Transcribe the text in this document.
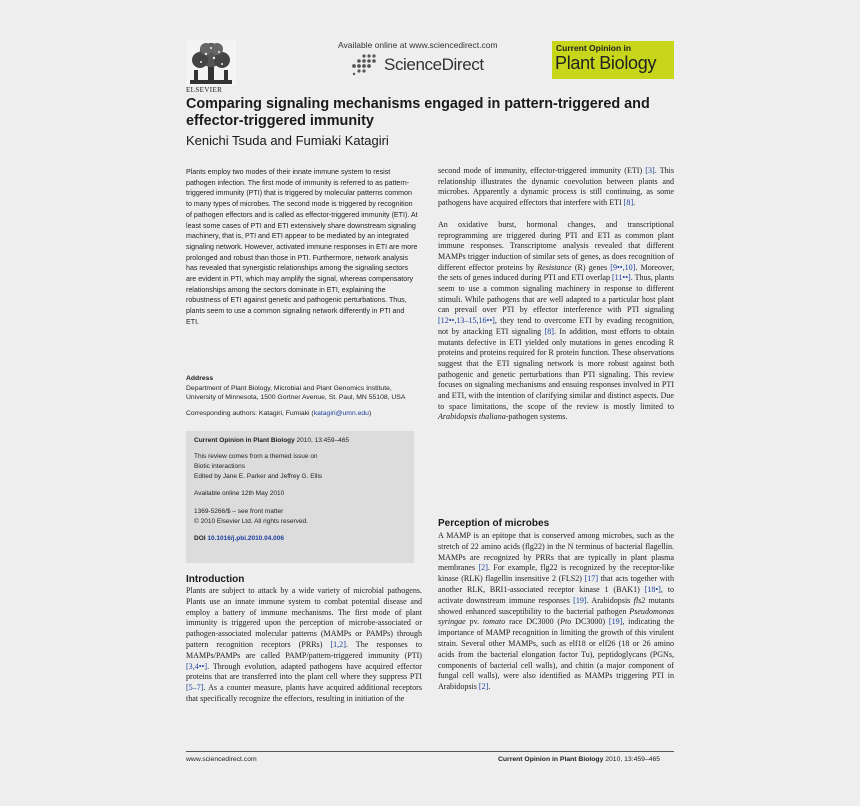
ELSEVIER
Available online at www.sciencedirect.com
ScienceDirect
Current Opinion in
Plant Biology
Comparing signaling mechanisms engaged in pattern-triggered and effector-triggered immunity
Kenichi Tsuda and Fumiaki Katagiri
Plants employ two modes of their innate immune system to resist pathogen infection. The first mode of immunity is referred to as pattern-triggered immunity (PTI) that is triggered by molecular patterns common to many types of microbes. The second mode is triggered by recognition of pathogen effectors and is called as effector-triggered immunity (ETI). At least some cases of PTI and ETI extensively share downstream signaling machinery, that is, PTI and ETI appear to be mediated by an integrated signaling network. However, activated immune responses in ETI are more prolonged and robust than those in PTI. Furthermore, network analysis has revealed that synergistic relationships among the signaling sectors are evident in PTI, which may amplify the signal, whereas compensatory relationships among the sectors dominate in ETI, explaining the robustness of ETI against genetic and pathogenic perturbations. Thus, plants seem to use a common signaling network differently in PTI and ETI.
Address
Department of Plant Biology, Microbial and Plant Genomics Institute, University of Minnesota, 1500 Gortner Avenue, St. Paul, MN 55108, USA
Corresponding authors: Katagiri, Fumiaki (katagiri@umn.edu)
Current Opinion in Plant Biology 2010, 13:459–465
This review comes from a themed issue on
Biotic interactions
Edited by Jane E. Parker and Jeffrey G. Ellis
Available online 12th May 2010
1369-5266/$ – see front matter
© 2010 Elsevier Ltd. All rights reserved.
DOI 10.1016/j.pbi.2010.04.006
Introduction
Plants are subject to attack by a wide variety of microbial pathogens. Plants use an innate immune system to combat potential disease and employ a battery of immune mechanisms. The first mode of plant immunity is triggered upon the perception of microbe-associated or pathogen-associated molecular patterns (MAMPs or PAMPs) through pattern recognition receptors (PRRs) [1,2]. The responses to MAMPs/PAMPs are called PAMP/pattern-triggered immunity (PTI) [3,4••]. Through evolution, adapted pathogens have acquired effector proteins that are transferred into the plant cell where they suppress PTI [5–7]. As a counter measure, plants have acquired additional receptors that specifically recognize the effectors, resulting in initiation of the

second mode of immunity, effector-triggered immunity (ETI) [3]. This relationship illustrates the dynamic coevolution between plants and microbes. Apparently a dynamic process is still continuing, as some pathogens have acquired effectors that interfere with ETI [8].

An oxidative burst, hormonal changes, and transcriptional reprogramming are triggered during PTI and ETI as common plant immune responses. Transcriptome analysis revealed that different MAMPs trigger induction of similar sets of genes, as does recognition of different effector proteins by Resistance (R) genes [9••,10]. Moreover, the sets of genes induced during PTI and ETI overlap [11••]. Thus, plants seem to use a common signaling machinery in response to different stimuli. While pathogens that are well adapted to a particular host plant can prevail over PTI by effector interference with PTI signaling [12••,13–15,16••], they tend to overcome ETI by evading recognition, not by attacking ETI signaling [8]. In addition, most efforts to obtain mutants defective in ETI yielded only mutations in genes encoding R proteins and proteins required for R protein function. These observations suggest that the ETI signaling network is more robust against both pathogenic and genetic perturbations than PTI signaling. This review focuses on signaling mechanisms and ensuing responses involved in PTI and ETI, with the intention of clarifying similar and distinct aspects. Due to space limitations, the scope of the review is mostly limited to Arabidopsis thaliana-pathogen systems.

Perception of microbes
A MAMP is an epitope that is conserved among microbes, such as the stretch of 22 amino acids (flg22) in the N terminus of bacterial flagellin. MAMPs are recognized by PRRs that are typically in plant plasma membranes [2]. For example, flg22 is recognized by the receptor-like kinase (RLK) flagellin insensitive 2 (FLS2) [17] that acts together with another RLK, BRI1-associated receptor kinase 1 (BAK1) [18•], to activate downstream immune responses [19]. Arabidopsis fls2 mutants showed enhanced susceptibility to the bacterial pathogen Pseudomonas syringae pv. tomato race DC3000 (Pto DC3000) [19], indicating the importance of MAMP recognition in limiting the growth of this virulent strain. Several other MAMPs, such as elf18 or elf26 (18 or 26 amino acids from the bacterial elongation factor Tu), peptidoglycans (PGNs, components of bacterial cell walls), and chitin (a major component of fungal cell walls), were also identified as MAMPs triggering PTI in Arabidopsis [2].
www.sciencedirect.com	Current Opinion in Plant Biology 2010, 13:459–465
